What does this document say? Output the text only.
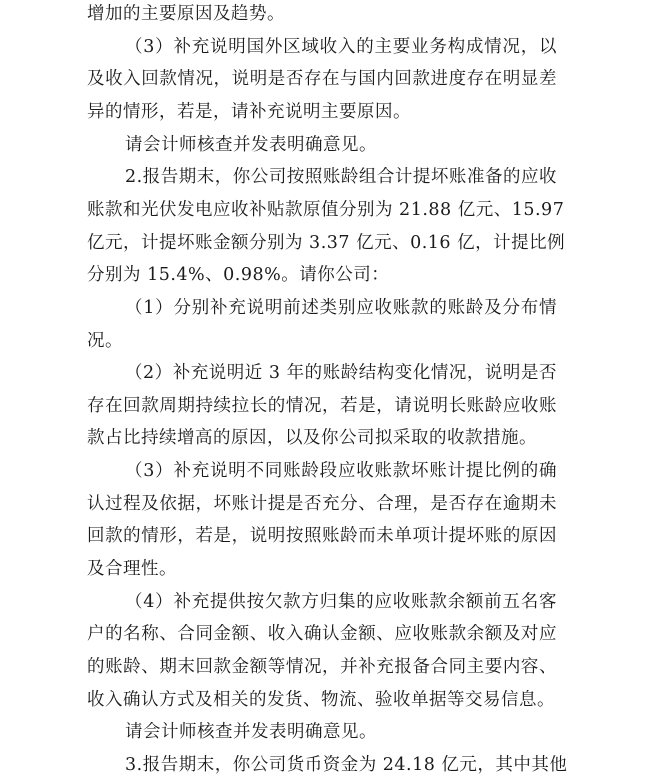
增加的主要原因及趋势。
（3）补充说明国外区域收入的主要业务构成情况，以
及收入回款情况，说明是否存在与国内回款进度存在明显差
异的情形，若是，请补充说明主要原因。
请会计师核查并发表明确意见。
2.报告期末，你公司按照账龄组合计提坏账准备的应收
账款和光伏发电应收补贴款原值分别为 21.88 亿元、15.97
亿元，计提坏账金额分别为 3.37 亿元、0.16 亿，计提比例
分别为 15.4%、0.98%。请你公司：
（1）分别补充说明前述类别应收账款的账龄及分布情
况。
（2）补充说明近 3 年的账龄结构变化情况，说明是否
存在回款周期持续拉长的情况，若是，请说明长账龄应收账
款占比持续增高的原因，以及你公司拟采取的收款措施。
（3）补充说明不同账龄段应收账款坏账计提比例的确
认过程及依据，坏账计提是否充分、合理，是否存在逾期未
回款的情形，若是，说明按照账龄而未单项计提坏账的原因
及合理性。
（4）补充提供按欠款方归集的应收账款余额前五名客
户的名称、合同金额、收入确认金额、应收账款余额及对应
的账龄、期末回款金额等情况，并补充报备合同主要内容、
收入确认方式及相关的发货、物流、验收单据等交易信息。
请会计师核查并发表明确意见。
3.报告期末，你公司货币资金为 24.18 亿元，其中其他
